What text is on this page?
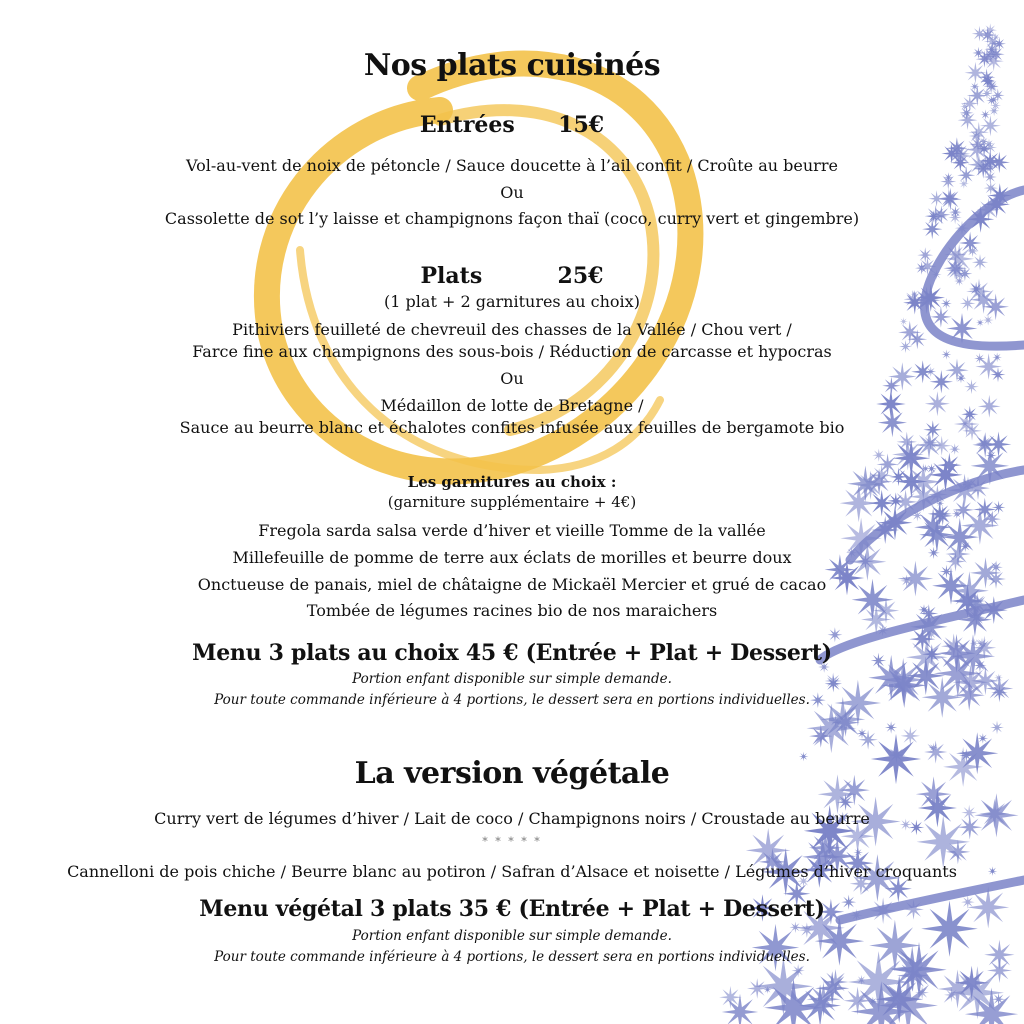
Nos plats cuisinés
Entrées 15€
Vol-au-vent de noix de pétoncle / Sauce doucette à l’ail confit / Croûte au beurre
Ou
Cassolette de sot l’y laisse et champignons façon thaï (coco, curry vert et gingembre)
Plats	25€
(1 plat + 2 garnitures au choix)
Pithiviers feuilleté de chevreuil des chasses de la Vallée / Chou vert /
Farce fine aux champignons des sous-bois / Réduction de carcasse et hypocras
Ou
Médaillon de lotte de Bretagne /
Sauce au beurre blanc et échalotes confites infusée aux feuilles de bergamote bio
Les garnitures au choix :
(garniture supplémentaire + 4€)
Fregola sarda salsa verde d’hiver et vieille Tomme de la vallée
Millefeuille de pomme de terre aux éclats de morilles et beurre doux
Onctueuse de panais, miel de châtaigne de Mickaël Mercier et grué de cacao
Tombée de légumes racines bio de nos maraichers
Menu 3 plats au choix 45 € (Entrée + Plat + Dessert)
Portion enfant disponible sur simple demande.
Pour toute commande inférieure à 4 portions, le dessert sera en portions individuelles.
La version végétale
Curry vert de légumes d’hiver / Lait de coco / Champignons noirs / Croustade au beurre
* * * * *
Cannelloni de pois chiche / Beurre blanc au potiron / Safran d’Alsace et noisette / Légumes d’hiver croquants
Menu végétal 3 plats 35 € (Entrée + Plat + Dessert)
Portion enfant disponible sur simple demande.
Pour toute commande inférieure à 4 portions, le dessert sera en portions individuelles.
